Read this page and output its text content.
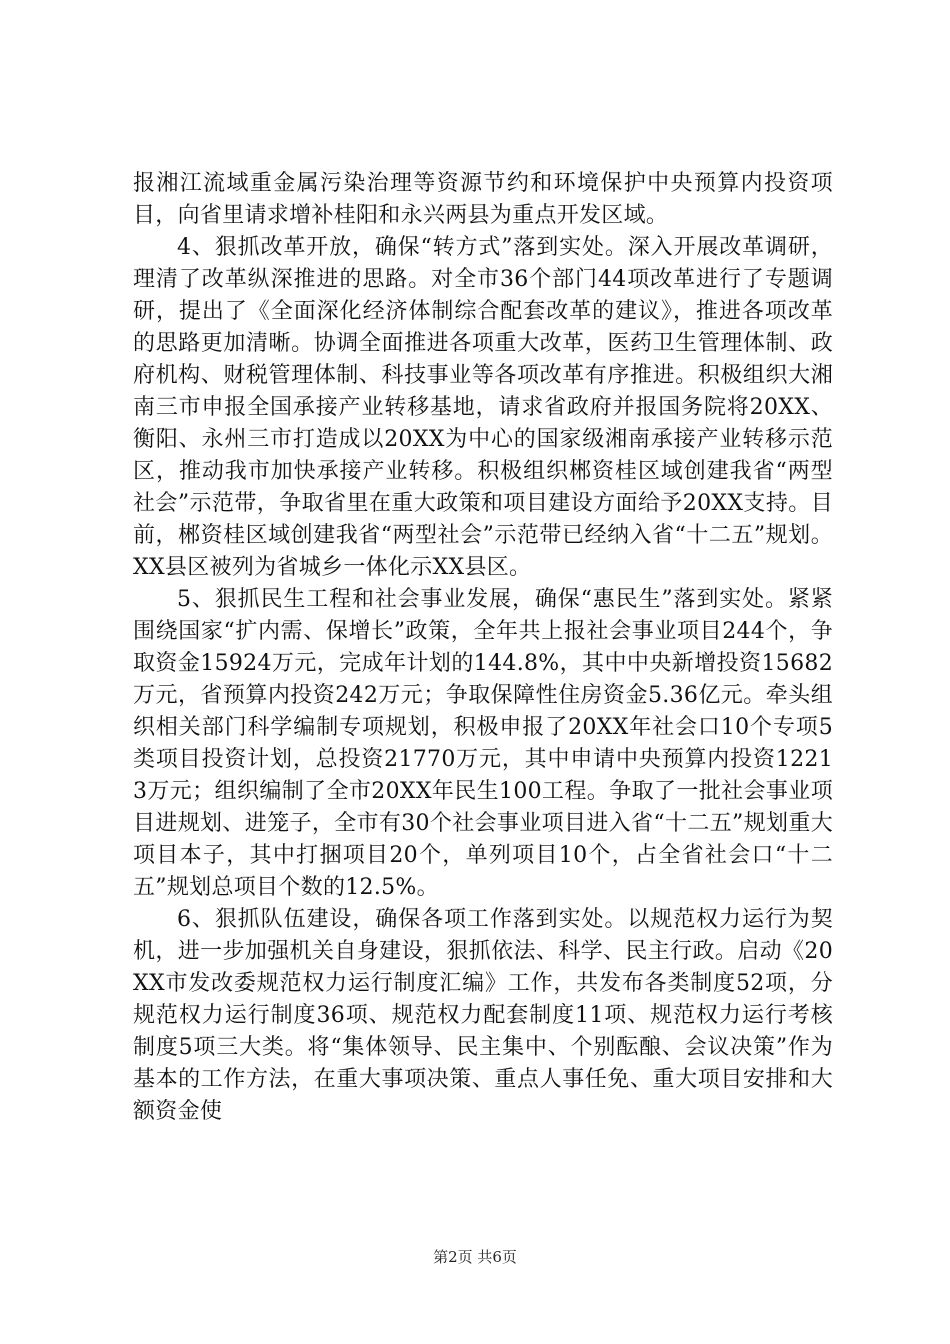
报湘江流域重金属污染治理等资源节约和环境保护中央预算内投资项目，向省里请求增补桂阳和永兴两县为重点开发区域。

4、狠抓改革开放，确保“转方式”落到实处。深入开展改革调研，理清了改革纵深推进的思路。对全市36个部门44项改革进行了专题调研，提出了《全面深化经济体制综合配套改革的建议》，推进各项改革的思路更加清晰。协调全面推进各项重大改革，医药卫生管理体制、政府机构、财税管理体制、科技事业等各项改革有序推进。积极组织大湘南三市申报全国承接产业转移基地，请求省政府并报国务院将20XX、衡阳、永州三市打造成以20XX为中心的国家级湘南承接产业转移示范区，推动我市加快承接产业转移。积极组织郴资桂区域创建我省“两型社会”示范带，争取省里在重大政策和项目建设方面给予20XX支持。目前，郴资桂区域创建我省“两型社会”示范带已经纳入省“十二五”规划。XX县区被列为省城乡一体化示XX县区。

5、狠抓民生工程和社会事业发展，确保“惠民生”落到实处。紧紧围绕国家“扩内需、保增长”政策，全年共上报社会事业项目244个，争取资金15924万元，完成年计划的144.8%，其中中央新增投资15682万元，省预算内投资242万元；争取保障性住房资金5.36亿元。牵头组织相关部门科学编制专项规划，积极申报了20XX年社会口10个专项5类项目投资计划，总投资21770万元，其中申请中央预算内投资12213万元；组织编制了全市20XX年民生100工程。争取了一批社会事业项目进规划、进笼子，全市有30个社会事业项目进入省“十二五”规划重大项目本子，其中打捆项目20个，单列项目10个，占全省社会口“十二五”规划总项目个数的12.5%。

6、狠抓队伍建设，确保各项工作落到实处。以规范权力运行为契机，进一步加强机关自身建设，狠抓依法、科学、民主行政。启动《20XX市发改委规范权力运行制度汇编》工作，共发布各类制度52项，分规范权力运行制度36项、规范权力配套制度11项、规范权力运行考核制度5项三大类。将“集体领导、民主集中、个别酝酿、会议决策”作为基本的工作方法，在重大事项决策、重点人事任免、重大项目安排和大额资金使

第2页 共6页
